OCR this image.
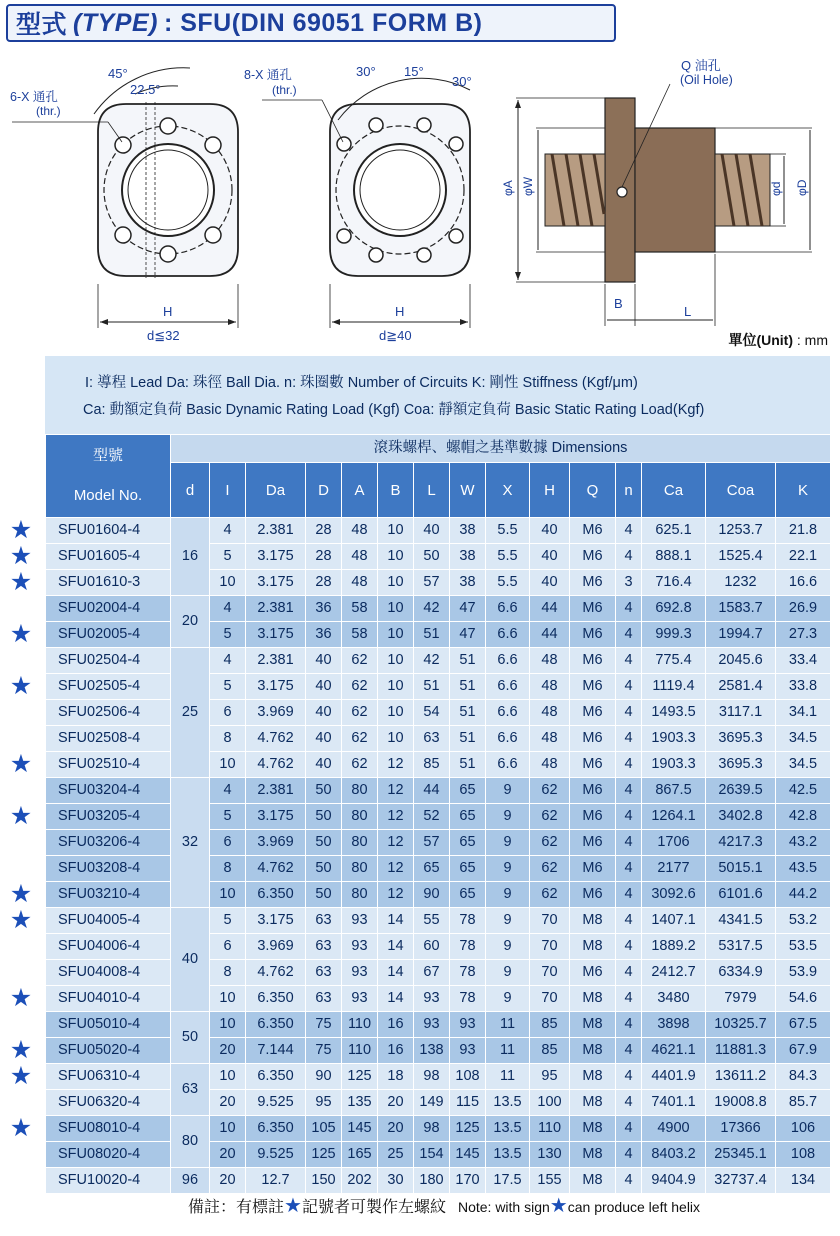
型式 (TYPE) : SFU(DIN 69051 FORM B)
45°
22.5°
6-X 通孔
(thr.)
H
d≦32
30° 15°
30°
8-X 通孔
(thr.)
H
d≧40
Q 油孔
(Oil Hole)
φA φW	φd φD
B
L
單位(Unit) : mm
I: 導程 Lead Da: 珠徑 Ball Dia. n: 珠圈數 Number of Circuits K: 剛性 Stiffness (Kgf/μm)
Ca: 動額定負荷 Basic Dynamic Rating Load (Kgf) Coa: 靜額定負荷 Basic Static Rating Load(Kgf)
型號

Model No.	滾珠螺桿、螺帽之基準數據 Dimensions														
	d	I	Da	D	A	B	L	W	X	H	Q	n	Ca	Coa	K
SFU01604-4	16	4	2.381	28	48	10	40	38	5.5	40	M6	4	625.1	1253.7	21.8
SFU01605-4		5	3.175	28	48	10	50	38	5.5	40	M6	4	888.1	1525.4	22.1
SFU01610-3		10	3.175	28	48	10	57	38	5.5	40	M6	3	716.4	1232	16.6
SFU02004-4	20	4	2.381	36	58	10	42	47	6.6	44	M6	4	692.8	1583.7	26.9
SFU02005-4		5	3.175	36	58	10	51	47	6.6	44	M6	4	999.3	1994.7	27.3
SFU02504-4	25	4	2.381	40	62	10	42	51	6.6	48	M6	4	775.4	2045.6	33.4
SFU02505-4		5	3.175	40	62	10	51	51	6.6	48	M6	4	1119.4	2581.4	33.8
SFU02506-4		6	3.969	40	62	10	54	51	6.6	48	M6	4	1493.5	3117.1	34.1
SFU02508-4		8	4.762	40	62	10	63	51	6.6	48	M6	4	1903.3	3695.3	34.5
SFU02510-4		10	4.762	40	62	12	85	51	6.6	48	M6	4	1903.3	3695.3	34.5
SFU03204-4	32	4	2.381	50	80	12	44	65	9	62	M6	4	867.5	2639.5	42.5
SFU03205-4		5	3.175	50	80	12	52	65	9	62	M6	4	1264.1	3402.8	42.8
SFU03206-4		6	3.969	50	80	12	57	65	9	62	M6	4	1706	4217.3	43.2
SFU03208-4		8	4.762	50	80	12	65	65	9	62	M6	4	2177	5015.1	43.5
SFU03210-4		10	6.350	50	80	12	90	65	9	62	M6	4	3092.6	6101.6	44.2
SFU04005-4	40	5	3.175	63	93	14	55	78	9	70	M8	4	1407.1	4341.5	53.2
SFU04006-4		6	3.969	63	93	14	60	78	9	70	M8	4	1889.2	5317.5	53.5
SFU04008-4		8	4.762	63	93	14	67	78	9	70	M6	4	2412.7	6334.9	53.9
SFU04010-4		10	6.350	63	93	14	93	78	9	70	M8	4	3480	7979	54.6
SFU05010-4	50	10	6.350	75	110	16	93	93	11	85	M8	4	3898	10325.7	67.5
SFU05020-4		20	7.144	75	110	16	138	93	11	85	M8	4	4621.1	11881.3	67.9
SFU06310-4	63	10	6.350	90	125	18	98	108	11	95	M8	4	4401.9	13611.2	84.3
SFU06320-4		20	9.525	95	135	20	149	115	13.5	100	M8	4	7401.1	19008.8	85.7
SFU08010-4	80	10	6.350	105	145	20	98	125	13.5	110	M8	4	4900	17366	106
SFU08020-4		20	9.525	125	165	25	154	145	13.5	130	M8	4	8403.2	25345.1	108
SFU10020-4	96	20	12.7	150	202	30	180	170	17.5	155	M8	4	9404.9	32737.4	134
★
★
★
★
★
★
★
★
★
★
★
★
★
備註：有標註★記號者可製作左螺紋 Note: with sign★can produce left helix
